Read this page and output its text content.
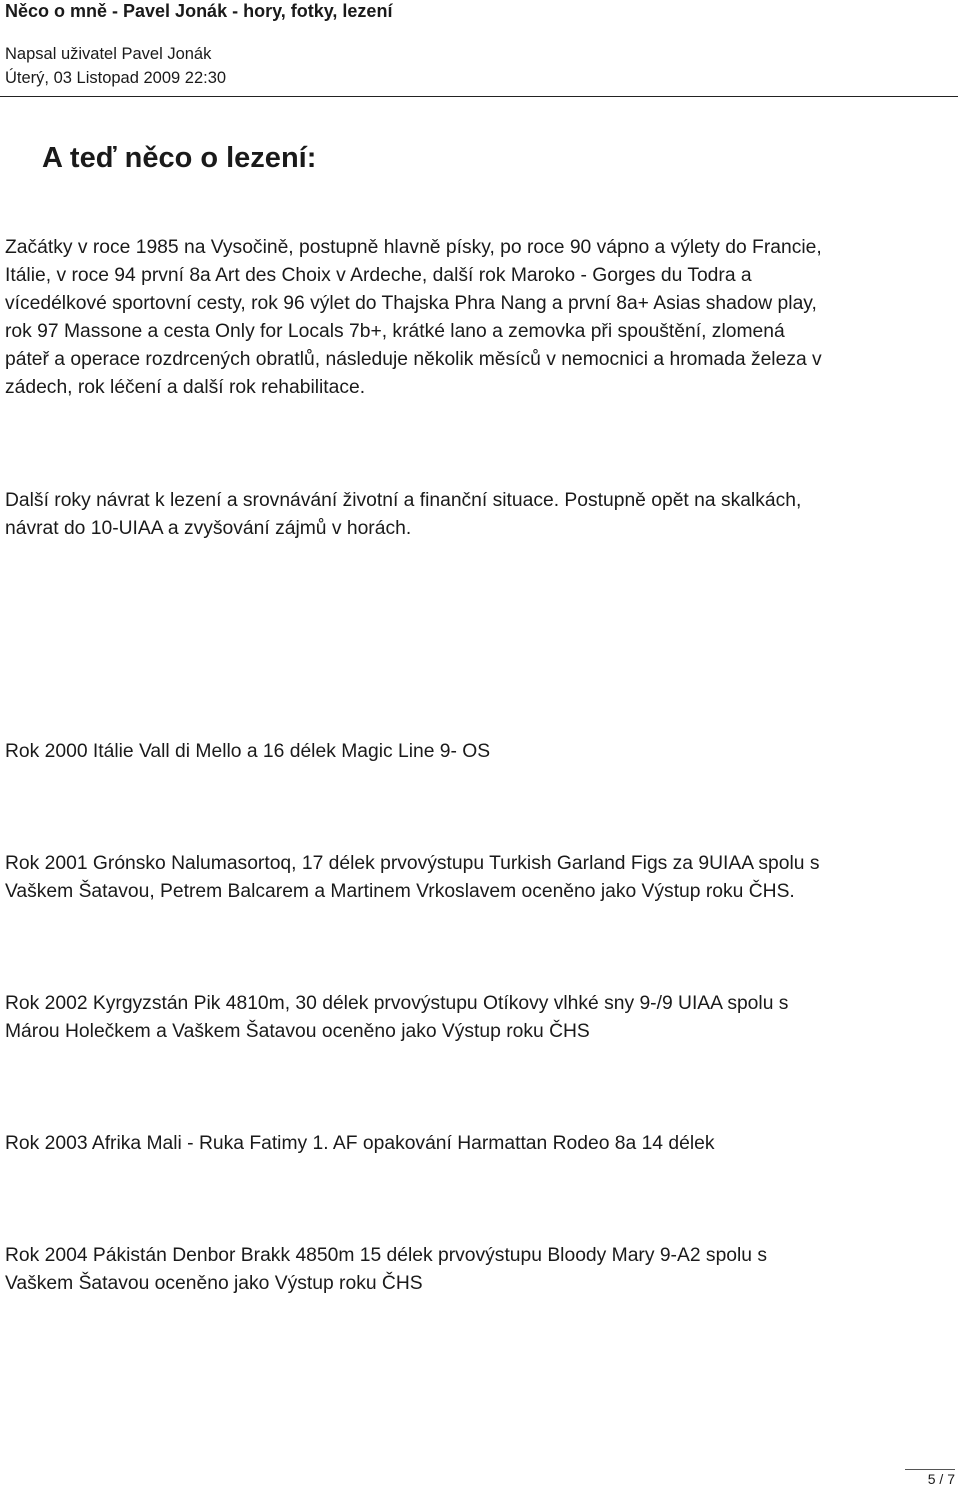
Něco o mně - Pavel Jonák - hory, fotky, lezení
Napsal uživatel Pavel Jonák
Úterý, 03 Listopad 2009 22:30
A teď něco o lezení:
Začátky v roce 1985 na Vysočině, postupně hlavně písky, po roce 90 vápno a výlety do Francie,
Itálie, v roce 94 první 8a Art des Choix v Ardeche, další rok Maroko - Gorges du Todra a
vícedélkové sportovní cesty, rok 96 výlet do Thajska Phra Nang a první 8a+ Asias shadow play,
rok 97 Massone a cesta Only for Locals 7b+, krátké lano a zemovka při spouštění, zlomená
páteř a operace rozdrcených obratlů, následuje několik měsíců v nemocnici a hromada železa v
zádech, rok léčení a další rok rehabilitace.
Další roky návrat k lezení a srovnávání životní a finanční situace. Postupně opět na skalkách,
návrat do 10-UIAA a zvyšování zájmů v horách.
Rok 2000 Itálie Vall di Mello a 16 délek Magic Line 9- OS
Rok 2001 Grónsko Nalumasortoq, 17 délek prvovýstupu Turkish Garland Figs za 9UIAA spolu s
Vaškem Šatavou, Petrem Balcarem a Martinem Vrkoslavem oceněno jako Výstup roku ČHS.
Rok 2002 Kyrgyzstán Pik 4810m, 30 délek prvovýstupu Otíkovy vlhké sny 9-/9 UIAA spolu s
Márou Holečkem a Vaškem Šatavou oceněno jako Výstup roku ČHS
Rok 2003 Afrika Mali - Ruka Fatimy 1. AF opakování Harmattan Rodeo 8a 14 délek
Rok 2004 Pákistán Denbor Brakk 4850m 15 délek prvovýstupu Bloody Mary 9-A2 spolu s
Vaškem Šatavou oceněno jako Výstup roku ČHS
5 / 7
